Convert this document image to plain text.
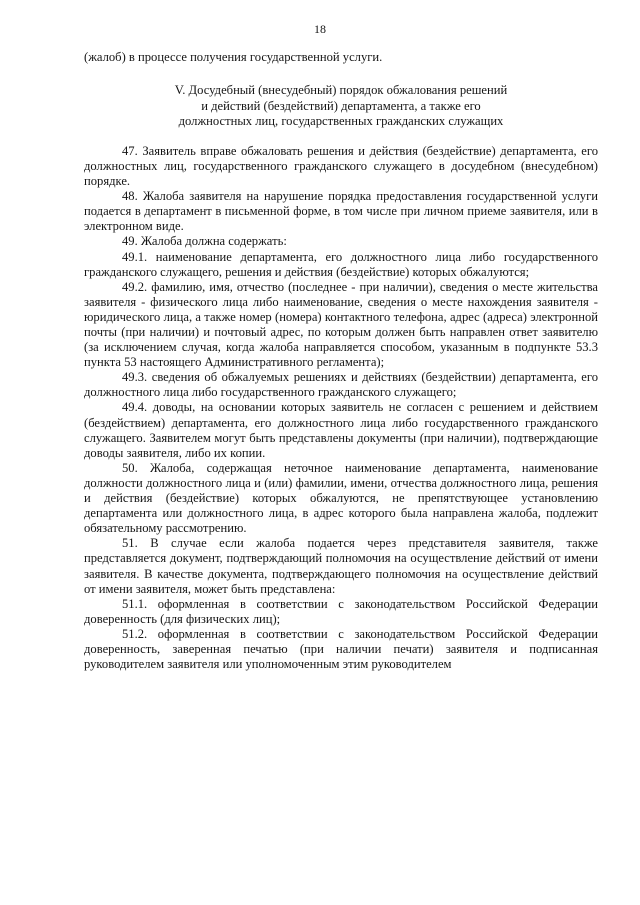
18

(жалоб) в процессе получения государственной услуги.

V. Досудебный (внесудебный) порядок обжалования решений
и действий (бездействий) департамента, а также его
должностных лиц, государственных гражданских служащих

47. Заявитель вправе обжаловать решения и действия (бездействие) департамента, его должностных лиц, государственного гражданского служащего в досудебном (внесудебном) порядке.

48. Жалоба заявителя на нарушение порядка предоставления государственной услуги подается в департамент в письменной форме, в том числе при личном приеме заявителя, или в электронном виде.

49. Жалоба должна содержать:

49.1. наименование департамента, его должностного лица либо государственного гражданского служащего, решения и действия (бездействие) которых обжалуются;

49.2. фамилию, имя, отчество (последнее - при наличии), сведения о месте жительства заявителя - физического лица либо наименование, сведения о месте нахождения заявителя - юридического лица, а также номер (номера) контактного телефона, адрес (адреса) электронной почты (при наличии) и почтовый адрес, по которым должен быть направлен ответ заявителю (за исключением случая, когда жалоба направляется способом, указанным в подпункте 53.3 пункта 53 настоящего Административного регламента);

49.3. сведения об обжалуемых решениях и действиях (бездействии) департамента, его должностного лица либо государственного гражданского служащего;

49.4. доводы, на основании которых заявитель не согласен с решением и действием (бездействием) департамента, его должностного лица либо государственного гражданского служащего. Заявителем могут быть представлены документы (при наличии), подтверждающие доводы заявителя, либо их копии.

50. Жалоба, содержащая неточное наименование департамента, наименование должности должностного лица и (или) фамилии, имени, отчества должностного лица, решения и действия (бездействие) которых обжалуются, не препятствующее установлению департамента или должностного лица, в адрес которого была направлена жалоба, подлежит обязательному рассмотрению.

51. В случае если жалоба подается через представителя заявителя, также представляется документ, подтверждающий полномочия на осуществление действий от имени заявителя. В качестве документа, подтверждающего полномочия на осуществление действий от имени заявителя, может быть представлена:

51.1. оформленная в соответствии с законодательством Российской Федерации доверенность (для физических лиц);

51.2. оформленная в соответствии с законодательством Российской Федерации доверенность, заверенная печатью (при наличии печати) заявителя и подписанная руководителем заявителя или уполномоченным этим руководителем
